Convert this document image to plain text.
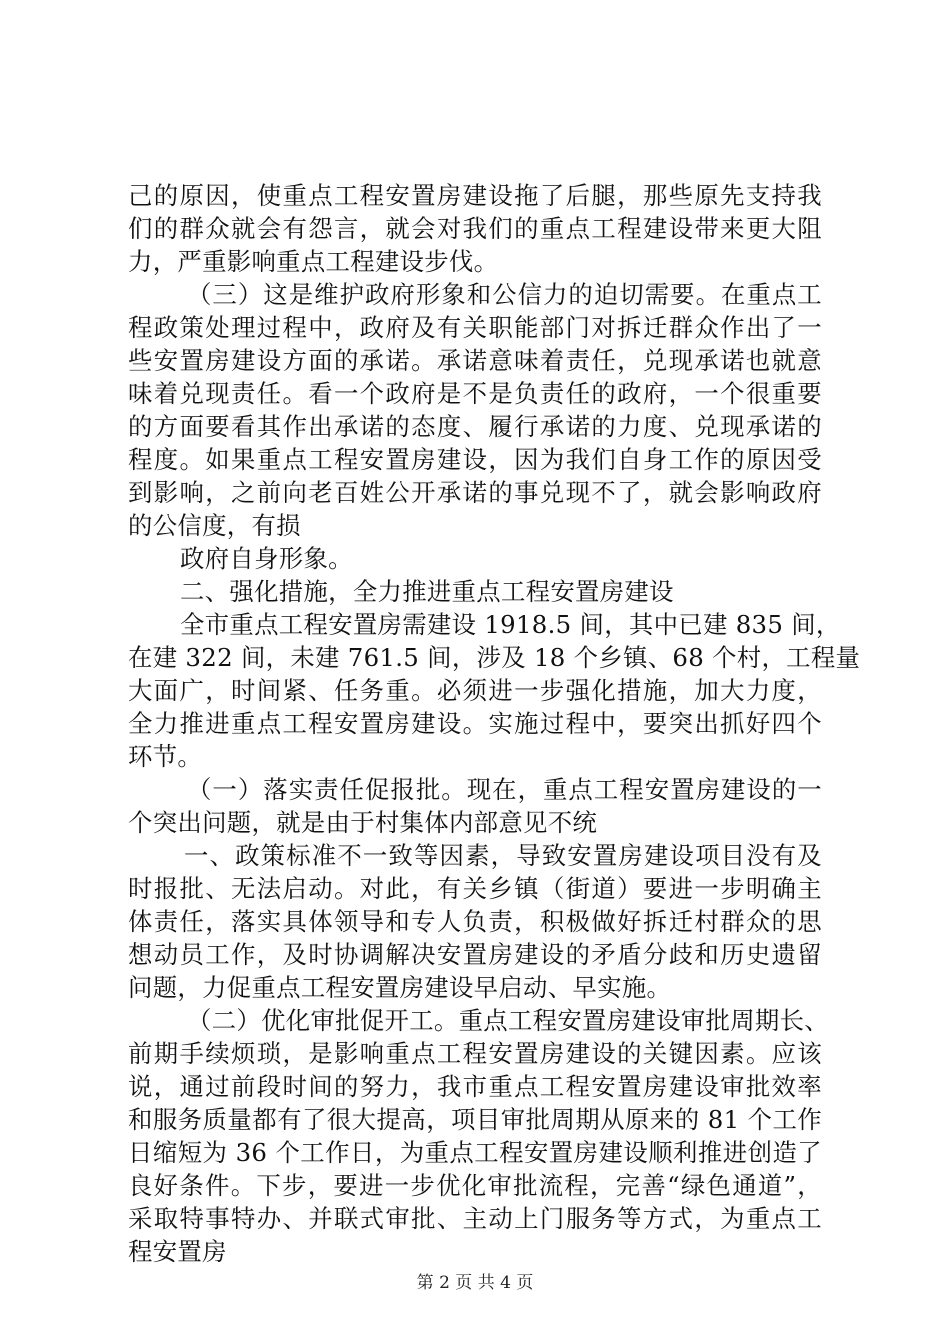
己的原因，使重点工程安置房建设拖了后腿，那些原先支持我
们的群众就会有怨言，就会对我们的重点工程建设带来更大阻
力，严重影响重点工程建设步伐。
（三）这是维护政府形象和公信力的迫切需要。在重点工
程政策处理过程中，政府及有关职能部门对拆迁群众作出了一
些安置房建设方面的承诺。承诺意味着责任，兑现承诺也就意
味着兑现责任。看一个政府是不是负责任的政府，一个很重要
的方面要看其作出承诺的态度、履行承诺的力度、兑现承诺的
程度。如果重点工程安置房建设，因为我们自身工作的原因受
到影响，之前向老百姓公开承诺的事兑现不了，就会影响政府
的公信度，有损
政府自身形象。
二、强化措施，全力推进重点工程安置房建设
全市重点工程安置房需建设 1918.5 间，其中已建 835 间，
在建 322 间，未建 761.5 间，涉及 18 个乡镇、68 个村，工程量
大面广，时间紧、任务重。必须进一步强化措施，加大力度，
全力推进重点工程安置房建设。实施过程中，要突出抓好四个
环节。
（一）落实责任促报批。现在，重点工程安置房建设的一
个突出问题，就是由于村集体内部意见不统
一、政策标准不一致等因素，导致安置房建设项目没有及
时报批、无法启动。对此，有关乡镇（街道）要进一步明确主
体责任，落实具体领导和专人负责，积极做好拆迁村群众的思
想动员工作，及时协调解决安置房建设的矛盾分歧和历史遗留
问题，力促重点工程安置房建设早启动、早实施。
（二）优化审批促开工。重点工程安置房建设审批周期长、
前期手续烦琐，是影响重点工程安置房建设的关键因素。应该
说，通过前段时间的努力，我市重点工程安置房建设审批效率
和服务质量都有了很大提高，项目审批周期从原来的 81 个工作
日缩短为 36 个工作日，为重点工程安置房建设顺利推进创造了
良好条件。下步，要进一步优化审批流程，完善“绿色通道”，
采取特事特办、并联式审批、主动上门服务等方式，为重点工
程安置房
第 2 页 共 4 页
